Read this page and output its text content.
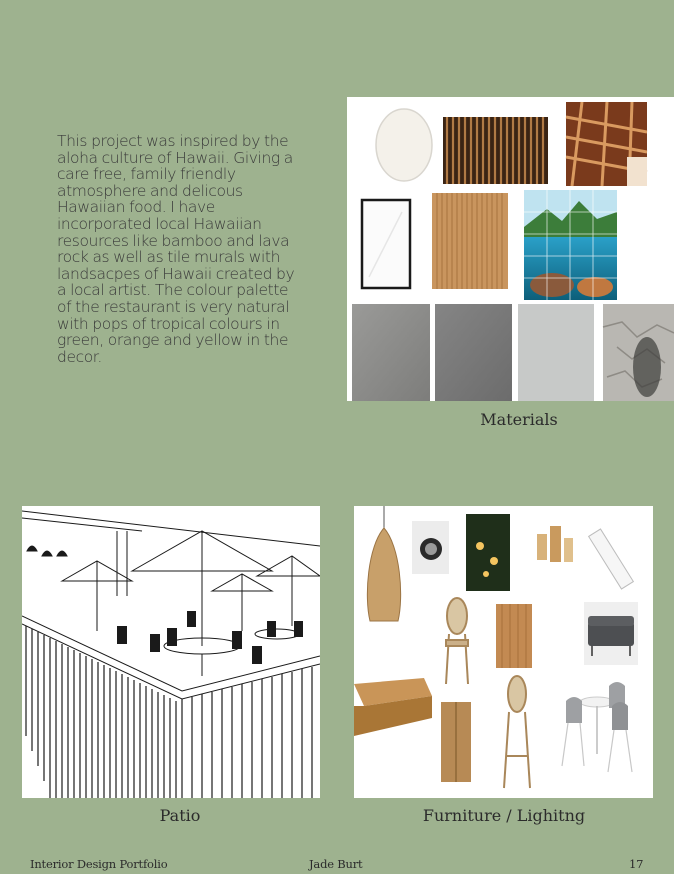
This project was inspired by the aloha culture of Hawaii. Giving a care free, family friendly atmosphere and delicous Hawaiian food. I have incorporated local Hawaiian resources like bamboo and lava rock as well as tile murals with landsacpes of Hawaii created by a local artist. The colour palette of the restaurant is very natural with pops of tropical colours in green, orange and yellow in the decor.

Materials

Patio	Furniture / Lighitng

Interior Design Portfolio	Jade Burt	17
